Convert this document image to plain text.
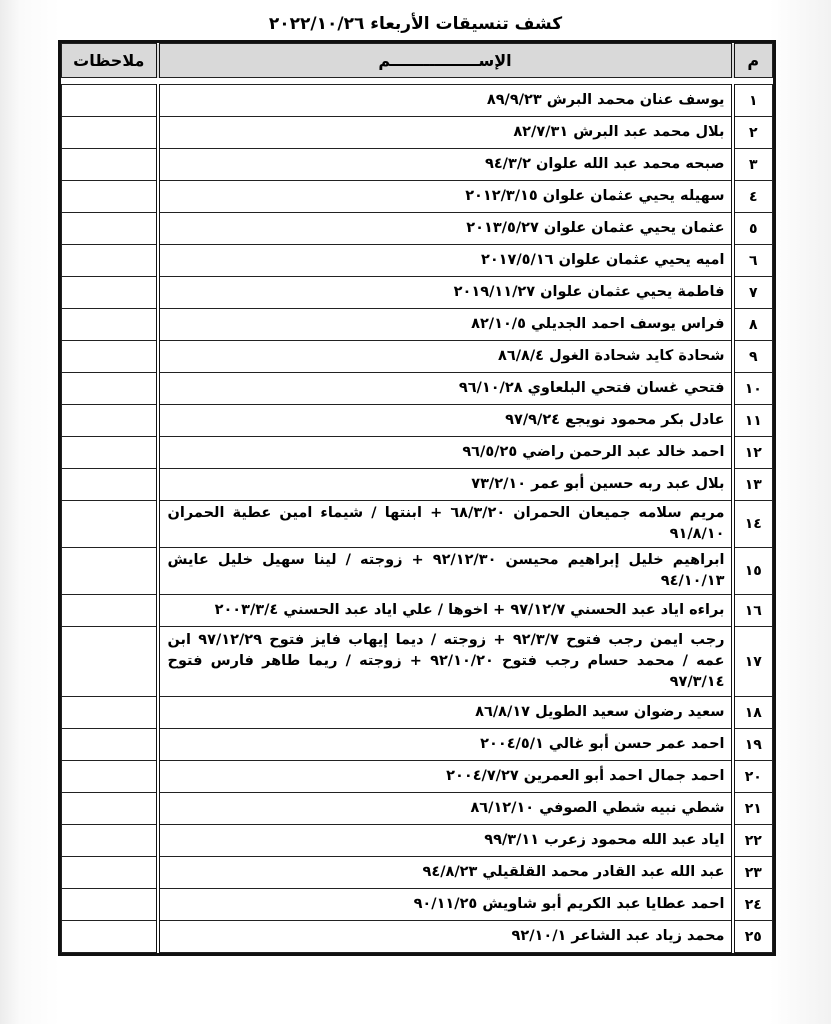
كشف تنسيقات الأربعاء ٢٠٢٢/١٠/٢٦
م	الإســــــــــــــــم	ملاحظات

١	يوسف عنان محمد البرش ٨٩/٩/٢٣	
٢	بلال محمد عبد البرش ٨٢/٧/٣١	
٣	صبحه محمد عبد الله علوان ٩٤/٣/٢	
٤	سهيله يحيي عثمان علوان ٢٠١٢/٣/١٥	
٥	عثمان يحيي عثمان علوان ٢٠١٣/٥/٢٧	
٦	اميه يحيي عثمان علوان ٢٠١٧/٥/١٦	
٧	فاطمة يحيي عثمان علوان ٢٠١٩/١١/٢٧	
٨	فراس يوسف احمد الجديلي ٨٢/١٠/٥	
٩	شحادة كايد شحادة الغول ٨٦/٨/٤	
١٠	فتحي غسان فتحي البلعاوي ٩٦/١٠/٢٨	
١١	عادل بكر محمود نويجع ٩٧/٩/٢٤	
١٢	احمد خالد عبد الرحمن راضي ٩٦/٥/٢٥	
١٣	بلال عبد ربه حسين أبو عمر ٧٣/٢/١٠	
١٤	مريم سلامه جميعان الحمران ٦٨/٣/٢٠ + ابنتها / شيماء امين عطية الحمران ٩١/٨/١٠	

١٥	ابراهيم خليل إبراهيم محيسن ٩٢/١٢/٣٠ + زوجته / لينا سهيل خليل عايش ٩٤/١٠/١٣	

١٦	براءه اياد عبد الحسني ٩٧/١٢/٧ + اخوها / علي اياد عبد الحسني ٢٠٠٣/٣/٤	
١٧	رجب ايمن رجب فتوح ٩٢/٣/٧ + زوجته / ديما إيهاب فايز فتوح ٩٧/١٢/٢٩ ابن عمه / محمد حسام رجب فتوح ٩٢/١٠/٢٠ + زوجته / ريما طاهر فارس فتوح ٩٧/٣/١٤	

١٨	سعيد رضوان سعيد الطويل ٨٦/٨/١٧	
١٩	احمد عمر حسن أبو غالي ٢٠٠٤/٥/١	
٢٠	احمد جمال احمد أبو العمرين ٢٠٠٤/٧/٢٧	
٢١	شطي نبيه شطي الصوفي ٨٦/١٢/١٠	
٢٢	اياد عبد الله محمود زعرب ٩٩/٣/١١	
٢٣	عبد الله عبد القادر محمد القلقيلي ٩٤/٨/٢٣	
٢٤	احمد عطايا عبد الكريم أبو شاويش ٩٠/١١/٢٥	
٢٥	محمد زياد عبد الشاعر ٩٢/١٠/١	
